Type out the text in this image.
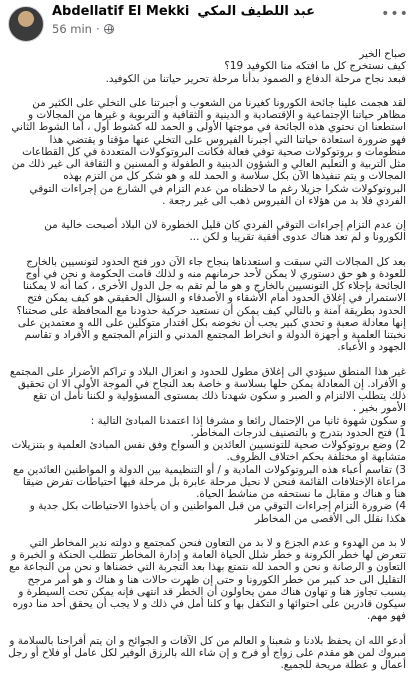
Abdellatif El Mekki عبد اللطيف المكي
56 min ·
•••

صباح الخير
كيف نستخرج كل ما افتكه منا الكوفيد 19؟
فبعد نجاح مرحلة الدفاع و الصمود بدأنا مرحلة تحرير حياتنا من الكوفيد.

لقد هجمت علينا جائحة الكورونا كغيرنا من الشعوب و أجبرتنا على التخلي على الكثير من مظاهر حياتنا الإجتماعية و الإقتصادية و الدينية و الثقافية و التربوية و غيرها من المجالات و استطعنا ان نحتوي هذه الجائحة في موجتها الأولى و الحمد لله كشوط أول ، أما الشوط الثاني فهو ضرورة استعادة حياتنا التي أجبرنا الفيروس على التخلي عنها مؤقتا و يقتضي هذا منظومات و بروتوكولات صحية توفي فعالة فكانت البروتوكولات المتعددة في كل القطاعات مثل التربية و التعليم العالي و الشؤون الدينية و الطفولة و المسنين و الثقافة الى غير ذلك من المجالات و يتم تنفيذها الآن بكل سلاسة و الحمد لله و هو شكر كل من التزم بهذه البروتوكولات شكرا جزيلا رغم ما لاحظناه من عدم التزام في الشارع من إجراءات التوقي الفردي فلا بد من هؤلاء ان الفيروس ذهب الى غير رجعة .

إن عدم التزام إجراءات التوقي الفردي كان قليل الخطورة لان البلاد أصبحت خالية من الكورونا و لم تعد هناك عدوى أفقية تقريبا و لكن ...

بعد كل المجالات التي سبقت و استعدناها بنجاح جاء الآن دور فتح الحدود لتونسيين بالخارج للعودة و هو حق دستوري لا يمكن لأحد حرمانهم منه و لذلك قامت الحكومة و نحن في أوج الجائحة بإجلاء كل التونسيين بالخارج و هو ما لم تقم به جل الدول الأخرى ، كما أنه لا يمكننا الاستمرار في إغلاق الحدود أمام الأشقاء و الأصدقاء و السؤال الحقيقي هو كيف يمكن فتح الحدود بطريقة آمنة و بالتالي كيف يمكن أن نستعيد حركية حدودنا مع المحافظة على صحتنا؟ إنها معادلة صعبة و تحدي كبير يجب أن نخوضه بكل اقتدار متوكلين على الله و معتمدين على نخبتنا العلمية و أجهزة الدولة و انخراط المجتمع المدني و التزام المجتمع و الأفراد و تقاسم الجهود و الأعباء.

غير هذا المنطق سيؤدي الى إغلاق مطول للحدود و انعزال البلاد و تراكم الأضرار على المجتمع و الأفراد. إن المعادلة يمكن حلها بسلاسة و خاصة بعد النجاح في الموجة الأولى الا ان تحقيق ذلك يتطلب الالتزام و الصبر و سكون شهدنا ذلك بمستوى المسؤولية و لكننا نأمل ان تقع الأمور بخير .

و سكون شهوة ثانيا من الإحتمال رائعا و مشرفا إذا اعتمدنا المبادئ التالية :
1) فتح الحدود بتدرج و بالتصنيف لدرجات المخاطر.
2) وضع بروتوكولات صحية للتونسيين العائدين و السواح وفق نفس المبادئ العلمية و بتنزيلات متشابهة او مختلفة بحكم اختلاف الظروف.
3) تقاسم أعباء هذه البروتوكولات المادية و / أو التنظيمية بين الدولة و المواطنين العائدين مع مراعاة الإختلافات القائمة فنحن لا نحيل مرحلة عابرة بل مرحلة فيها احتياطات تفرض ضيقا هنا و هناك و مقابل ما نستحقه من مناشط الحياة.
4) ضرورة التزام إجراءات التوقي من قبل المواطنين و ان يأخذوا الاحتياطات بكل جدية و هكذا نقلل الى الأقصى من المخاطر

لا بد من الهدوء و عدم الجزع و لا بد من التعاون فنحن كمجتمع و دولته ندير المخاطر التي تتعرض لها خطر الكرونة و خطر شلل الحياة العامة و إدارة المخاطر تتطلب الحنكة و الخبرة و التعاون و الرصانة و نحن و الحمد لله نتمتع بهذا بعد التجربة التي خضناها و نحن من النجاعة مع التقليل الى حد كبير من خطر الكورونا و حتى إن ظهرت حالات هنا و هناك و هو أمر مرجح يسبب تجاوز هنا و تهاون هناك ممن يحاولون أن الخطر قد انتهى فإنه يمكن تحت السيطرة و سيكون قادرين على احتوائها و التكفل بها و كلنا أمل في ذلك و لا يجب أن يحقق أحد منا دوره فهو مهم.

أدعو الله ان يحفظ بلادنا و شعبنا و العالم من كل الآفات و الجوائح و ان يتم أفراحنا بالسلامة و مبروك لمن هو مقدم على زواج أو فرح و إن شاء الله بالرزق الوفير لكل عامل أو فلاح أو رجل أعمال و عطلة مريحة للجميع.
